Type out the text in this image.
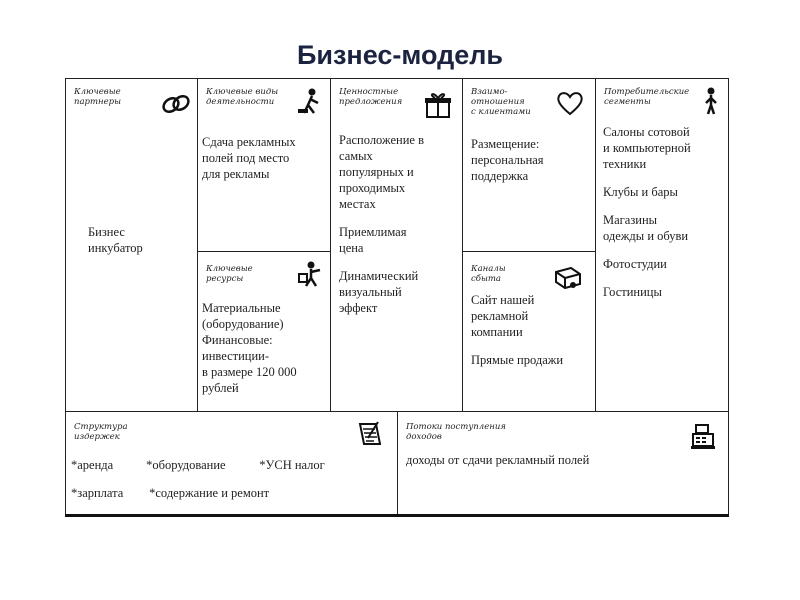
Бизнес-модель
Ключевые
партнеры
Бизнес
инкубатор
Ключевые виды
деятельности
Сдача рекламных
полей под место
для рекламы
Ключевые
ресурсы
Материальные
(оборудование)
Финансовые:
инвестиции-
в размере 120 000
рублей
Ценностные
предложения
Расположение в
самых
популярных и
проходимых
местах
Приемлимая
цена
Динамический
визуальный
эффект
Взаимо-
отношения
с клиентами
Размещение:
персональная
поддержка
Каналы
сбыта
Сайт нашей
рекламной
компании
Прямые продажи
Потребительские
сегменты
Салоны сотовой
и компьютерной
техники
Клубы и бары
Магазины
одежды и обуви
Фотостудии
Гостиницы
Структура
издержек
*аренда	*оборудование	*УСН налог
*зарплата *содержание и ремонт
Потоки поступления
доходов
доходы от сдачи рекламный полей
